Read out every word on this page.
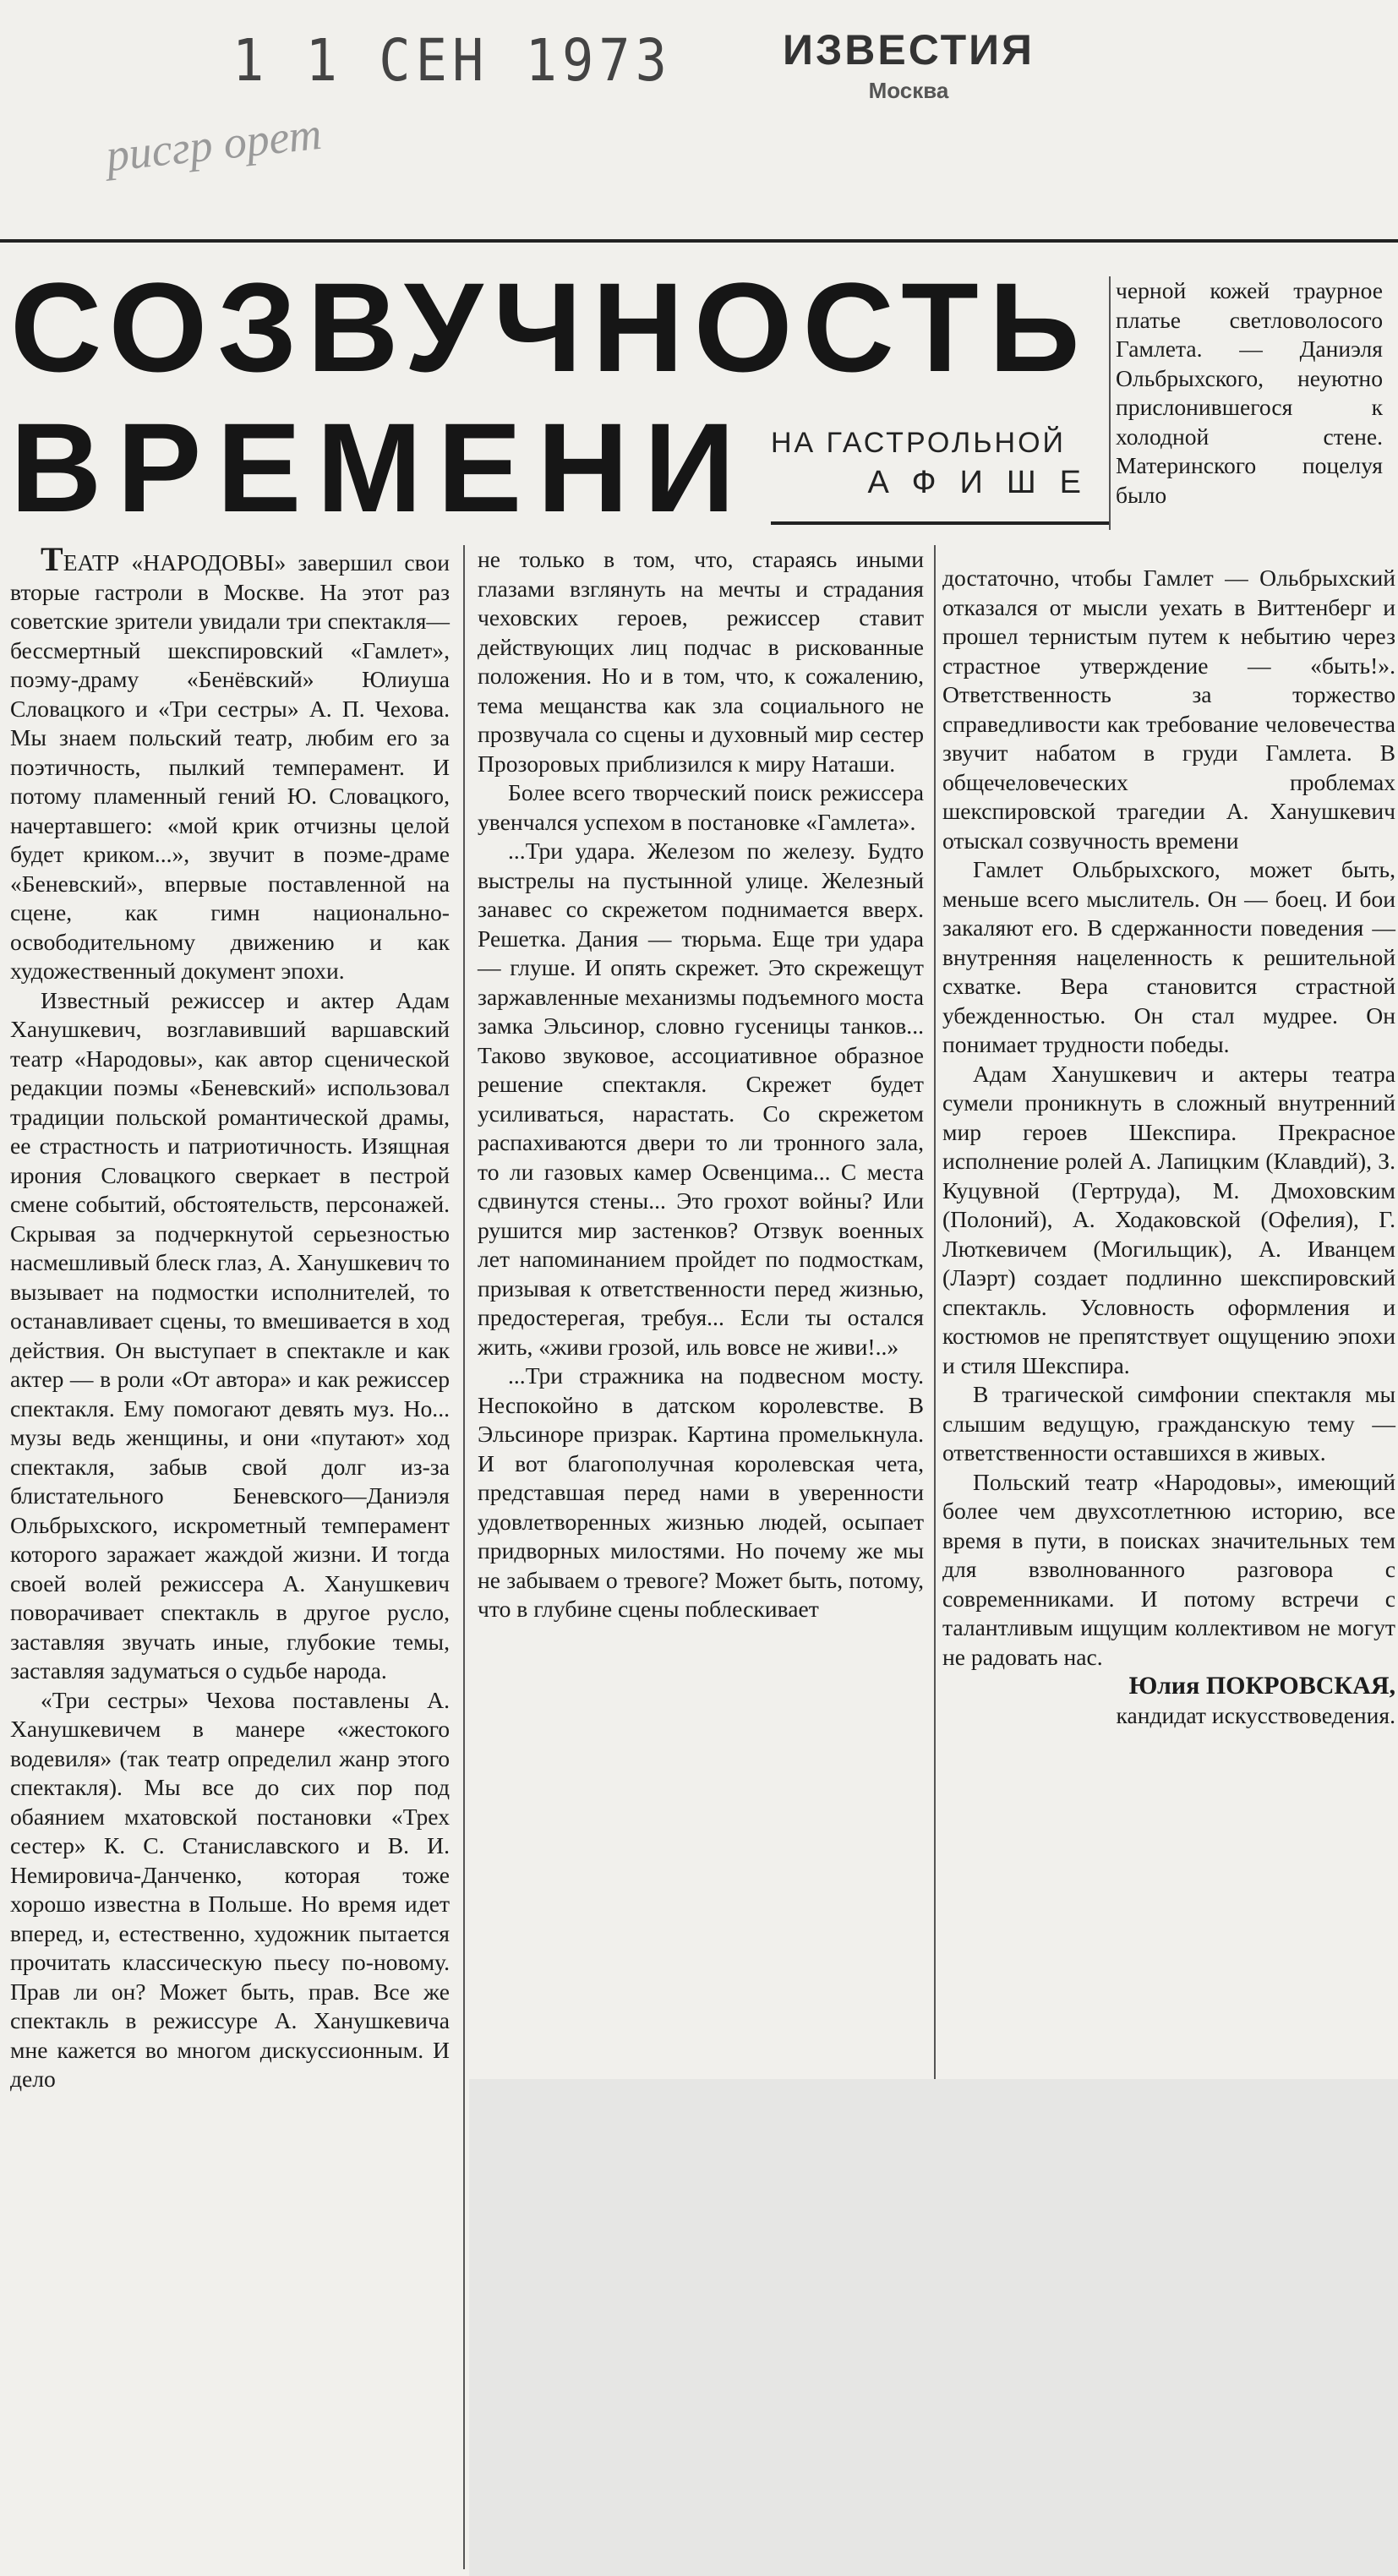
1 1 СЕН 1973	ИЗВЕСТИЯ
Москва
рисгр орет
СОЗВУЧНОСТЬ
ВРЕМЕНИ НА ГАСТРОЛЬНОЙ
АФИШЕ

черной кожей траурное платье светловолосого Гамлета. — Даниэля Ольбрыхского, неуютно прислонившегося к холодной стене. Материнского поцелуя было

ТЕАТР «НАРОДОВЫ» завершил свои вторые гастроли в Москве. На этот раз советские зрители увидали три спектакля—бессмертный шекспировский «Гамлет», поэму-драму «Бенёвский» Юлиуша Словацкого и «Три сестры» А. П. Чехова. Мы знаем польский театр, любим его за поэтичность, пылкий темперамент. И потому пламенный гений Ю. Словацкого, начертавшего: «мой крик отчизны целой будет криком...», звучит в поэме-драме «Беневский», впервые поставленной на сцене, как гимн национально-освободительному движению и как художественный документ эпохи.

Известный режиссер и актер Адам Ханушкевич, возглавивший варшавский театр «Народовы», как автор сценической редакции поэмы «Беневский» использовал традиции польской романтической драмы, ее страстность и патриотичность. Изящная ирония Словацкого сверкает в пестрой смене событий, обстоятельств, персонажей. Скрывая за подчеркнутой серьезностью насмешливый блеск глаз, А. Ханушкевич то вызывает на подмостки исполнителей, то останавливает сцены, то вмешивается в ход действия. Он выступает в спектакле и как актер — в роли «От автора» и как режиссер спектакля. Ему помогают девять муз. Но... музы ведь женщины, и они «путают» ход спектакля, забыв свой долг из-за блистательного Беневского—Даниэля Ольбрыхского, искрометный темперамент которого заражает жаждой жизни. И тогда своей волей режиссера А. Ханушкевич поворачивает спектакль в другое русло, заставляя звучать иные, глубокие темы, заставляя задуматься о судьбе народа.

«Три сестры» Чехова поставлены А. Ханушкевичем в манере «жестокого водевиля» (так театр определил жанр этого спектакля). Мы все до сих пор под обаянием мхатовской постановки «Трех сестер» К. С. Станиславского и В. И. Немировича-Данченко, которая тоже хорошо известна в Польше. Но время идет вперед, и, естественно, художник пытается прочитать классическую пьесу по-новому. Прав ли он? Может быть, прав. Все же спектакль в режиссуре А. Ханушкевича мне кажется во многом дискуссионным. И дело

не только в том, что, стараясь иными глазами взглянуть на мечты и страдания чеховских героев, режиссер ставит действующих лиц подчас в рискованные положения. Но и в том, что, к сожалению, тема мещанства как зла социального не прозвучала со сцены и духовный мир сестер Прозоровых приблизился к миру Наташи.

Более всего творческий поиск режиссера увенчался успехом в постановке «Гамлета».

...Три удара. Железом по железу. Будто выстрелы на пустынной улице. Железный занавес со скрежетом поднимается вверх. Решетка. Дания — тюрьма. Еще три удара — глуше. И опять скрежет. Это скрежещут заржавленные механизмы подъемного моста замка Эльсинор, словно гусеницы танков... Таково звуковое, ассоциативное образное решение спектакля. Скрежет будет усиливаться, нарастать. Со скрежетом распахиваются двери то ли тронного зала, то ли газовых камер Освенцима... С места сдвинутся стены... Это грохот войны? Или рушится мир застенков? Отзвук военных лет напоминанием пройдет по подмосткам, призывая к ответственности перед жизнью, предостерегая, требуя... Если ты остался жить, «живи грозой, иль вовсе не живи!..»

...Три стражника на подвесном мосту. Неспокойно в датском королевстве. В Эльсиноре призрак. Картина промелькнула. И вот благополучная королевская чета, представшая перед нами в уверенности удовлетворенных жизнью людей, осыпает придворных милостями. Но почему же мы не забываем о тревоге? Может быть, потому, что в глубине сцены поблескивает

достаточно, чтобы Гамлет — Ольбрыхский отказался от мысли уехать в Виттенберг и прошел тернистым путем к небытию через страстное утверждение — «быть!». Ответственность за торжество справедливости как требование человечества звучит набатом в груди Гамлета. В общечеловеческих проблемах шекспировской трагедии А. Ханушкевич отыскал созвучность времени

Гамлет Ольбрыхского, может быть, меньше всего мыслитель. Он — боец. И бои закаляют его. В сдержанности поведения — внутренняя нацеленность к решительной схватке. Вера становится страстной убежденностью. Он стал мудрее. Он понимает трудности победы.

Адам Ханушкевич и актеры театра сумели проникнуть в сложный внутренний мир героев Шекспира. Прекрасное исполнение ролей А. Лапицким (Клавдий), З. Куцувной (Гертруда), М. Дмоховским (Полоний), А. Ходаковской (Офелия), Г. Люткевичем (Могильщик), А. Иванцем (Лаэрт) создает подлинно шекспировский спектакль. Условность оформления и костюмов не препятствует ощущению эпохи и стиля Шекспира.

В трагической симфонии спектакля мы слышим ведущую, гражданскую тему — ответственности оставшихся в живых.

Польский театр «Народовы», имеющий более чем двухсотлетнюю историю, все время в пути, в поисках значительных тем для взволнованного разговора с современниками. И потому встречи с талантливым ищущим коллективом не могут не радовать нас.

Юлия ПОКРОВСКАЯ,

кандидат искусствоведения.
